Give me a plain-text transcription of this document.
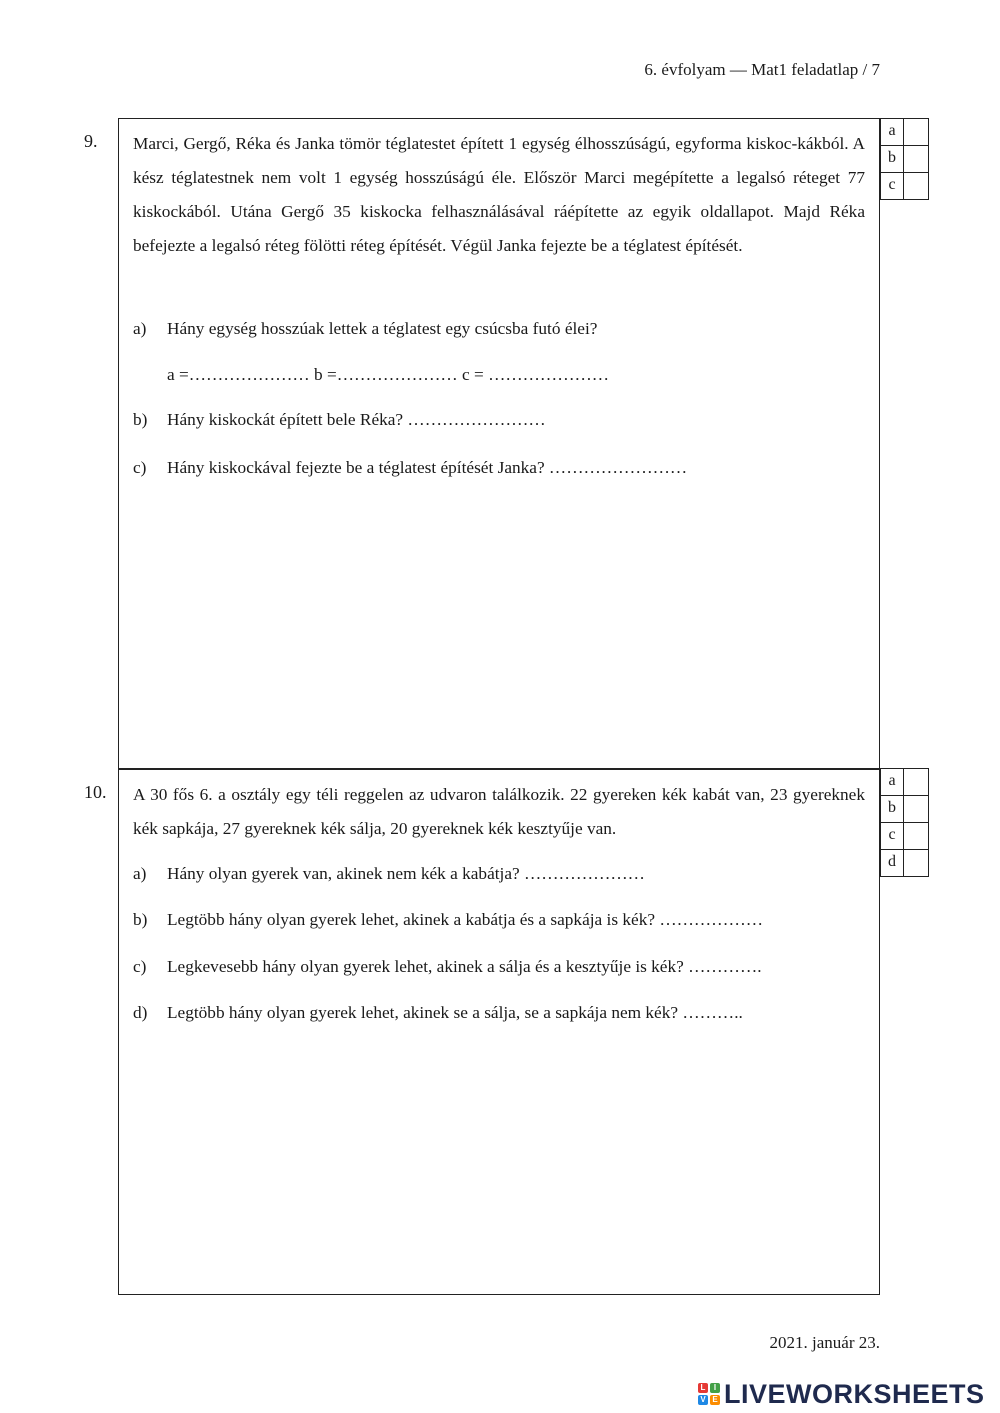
6. évfolyam — Mat1 feladatlap / 7
9. Marci, Gergő, Réka és Janka tömör téglatestet épített 1 egység élhosszúságú, egyforma kiskoc-kákból. A kész téglatestnek nem volt 1 egység hosszúságú éle. Először Marci megépítette a legalsó réteget 77 kiskockából. Utána Gergő 35 kiskocka felhasználásával ráépítette az egyik oldallapot. Majd Réka befejezte a legalsó réteg fölötti réteg építését. Végül Janka fejezte be a téglatest építését.
a) Hány egység hosszúak lettek a téglatest egy csúcsba futó élei?
a =………………… b =………………… c = …………………
b) Hány kiskockát épített bele Réka? ……………………
c) Hány kiskockával fejezte be a téglatest építését Janka? ……………………
a	
b	
c	
10. A 30 fős 6. a osztály egy téli reggelen az udvaron találkozik. 22 gyereken kék kabát van, 23 gyereknek kék sapkája, 27 gyereknek kék sálja, 20 gyereknek kék kesztyűje van.
a) Hány olyan gyerek van, akinek nem kék a kabátja? …………………
b) Legtöbb hány olyan gyerek lehet, akinek a kabátja és a sapkája is kék? ………………
c) Legkevesebb hány olyan gyerek lehet, akinek a sálja és a kesztyűje is kék? ………….
d) Legtöbb hány olyan gyerek lehet, akinek se a sálja, se a sapkája nem kék? ………..
a	
b	
c	
d	
2021. január 23.
L	I
V E LIVEWORKSHEETS
